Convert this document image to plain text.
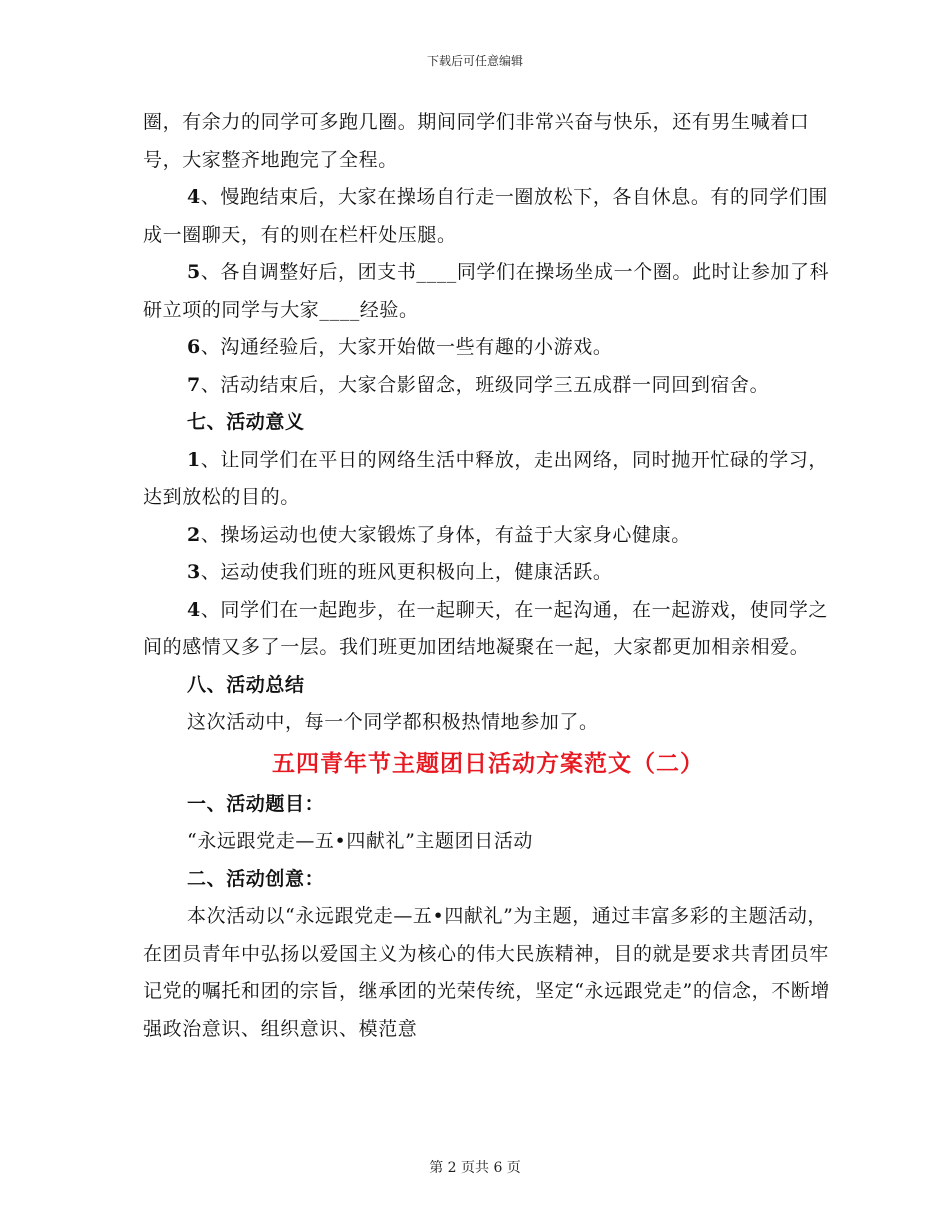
下载后可任意编辑

圈，有余力的同学可多跑几圈。期间同学们非常兴奋与快乐，还有男生喊着口号，大家整齐地跑完了全程。

4、慢跑结束后，大家在操场自行走一圈放松下，各自休息。有的同学们围成一圈聊天，有的则在栏杆处压腿。

5、各自调整好后，团支书____同学们在操场坐成一个圈。此时让参加了科研立项的同学与大家____经验。

6、沟通经验后，大家开始做一些有趣的小游戏。

7、活动结束后，大家合影留念，班级同学三五成群一同回到宿舍。

七、活动意义

1、让同学们在平日的网络生活中释放，走出网络，同时抛开忙碌的学习，达到放松的目的。

2、操场运动也使大家锻炼了身体，有益于大家身心健康。

3、运动使我们班的班风更积极向上，健康活跃。

4、同学们在一起跑步，在一起聊天，在一起沟通，在一起游戏，使同学之间的感情又多了一层。我们班更加团结地凝聚在一起，大家都更加相亲相爱。

八、活动总结

这次活动中，每一个同学都积极热情地参加了。

五四青年节主题团日活动方案范文（二）

一、活动题目：

“永远跟党走—五•四献礼”主题团日活动

二、活动创意：

本次活动以“永远跟党走—五•四献礼”为主题，通过丰富多彩的主题活动，在团员青年中弘扬以爱国主义为核心的伟大民族精神，目的就是要求共青团员牢记党的嘱托和团的宗旨，继承团的光荣传统，坚定“永远跟党走”的信念，不断增强政治意识、组织意识、模范意

第 2 页共 6 页
